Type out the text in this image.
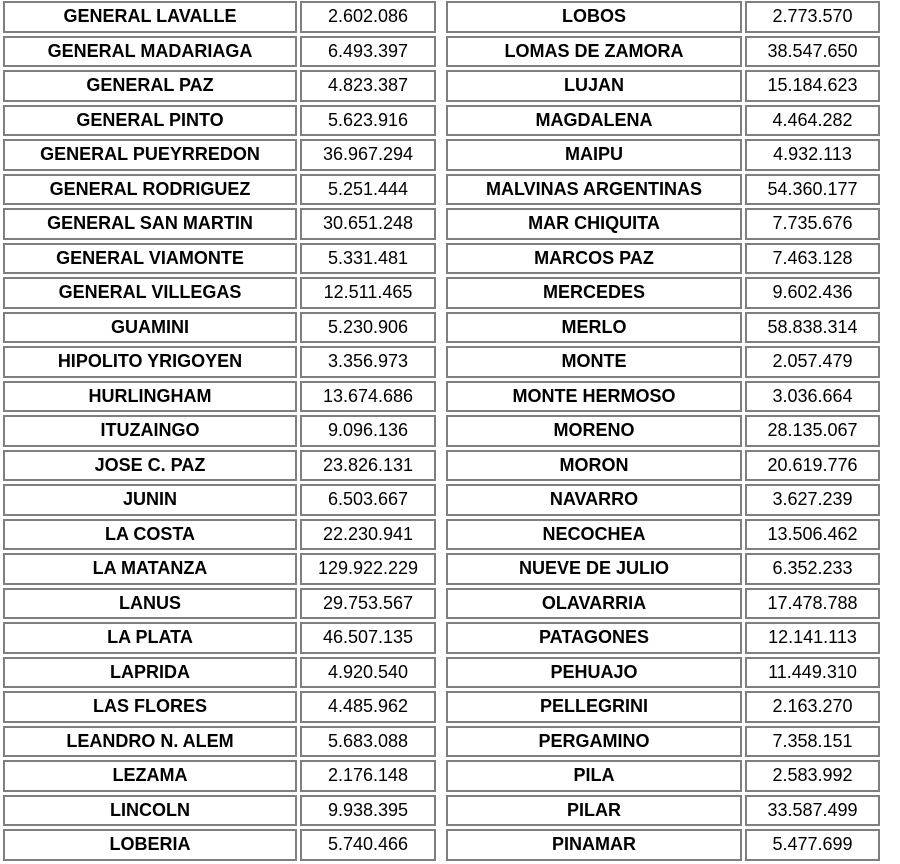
GENERAL LAVALLE	2.602.086
GENERAL MADARIAGA	6.493.397
GENERAL PAZ	4.823.387
GENERAL PINTO	5.623.916
GENERAL PUEYRREDON	36.967.294
GENERAL RODRIGUEZ	5.251.444
GENERAL SAN MARTIN	30.651.248
GENERAL VIAMONTE	5.331.481
GENERAL VILLEGAS	12.511.465
GUAMINI	5.230.906
HIPOLITO YRIGOYEN	3.356.973
HURLINGHAM	13.674.686
ITUZAINGO	9.096.136
JOSE C. PAZ	23.826.131
JUNIN	6.503.667
LA COSTA	22.230.941
LA MATANZA	129.922.229
LANUS	29.753.567
LA PLATA	46.507.135
LAPRIDA	4.920.540
LAS FLORES	4.485.962
LEANDRO N. ALEM	5.683.088
LEZAMA	2.176.148
LINCOLN	9.938.395
LOBERIA	5.740.466
LOBOS	2.773.570
LOMAS DE ZAMORA	38.547.650
LUJAN	15.184.623
MAGDALENA	4.464.282
MAIPU	4.932.113
MALVINAS ARGENTINAS	54.360.177
MAR CHIQUITA	7.735.676
MARCOS PAZ	7.463.128
MERCEDES	9.602.436
MERLO	58.838.314
MONTE	2.057.479
MONTE HERMOSO	3.036.664
MORENO	28.135.067
MORON	20.619.776
NAVARRO	3.627.239
NECOCHEA	13.506.462
NUEVE DE JULIO	6.352.233
OLAVARRIA	17.478.788
PATAGONES	12.141.113
PEHUAJO	11.449.310
PELLEGRINI	2.163.270
PERGAMINO	7.358.151
PILA	2.583.992
PILAR	33.587.499
PINAMAR	5.477.699
